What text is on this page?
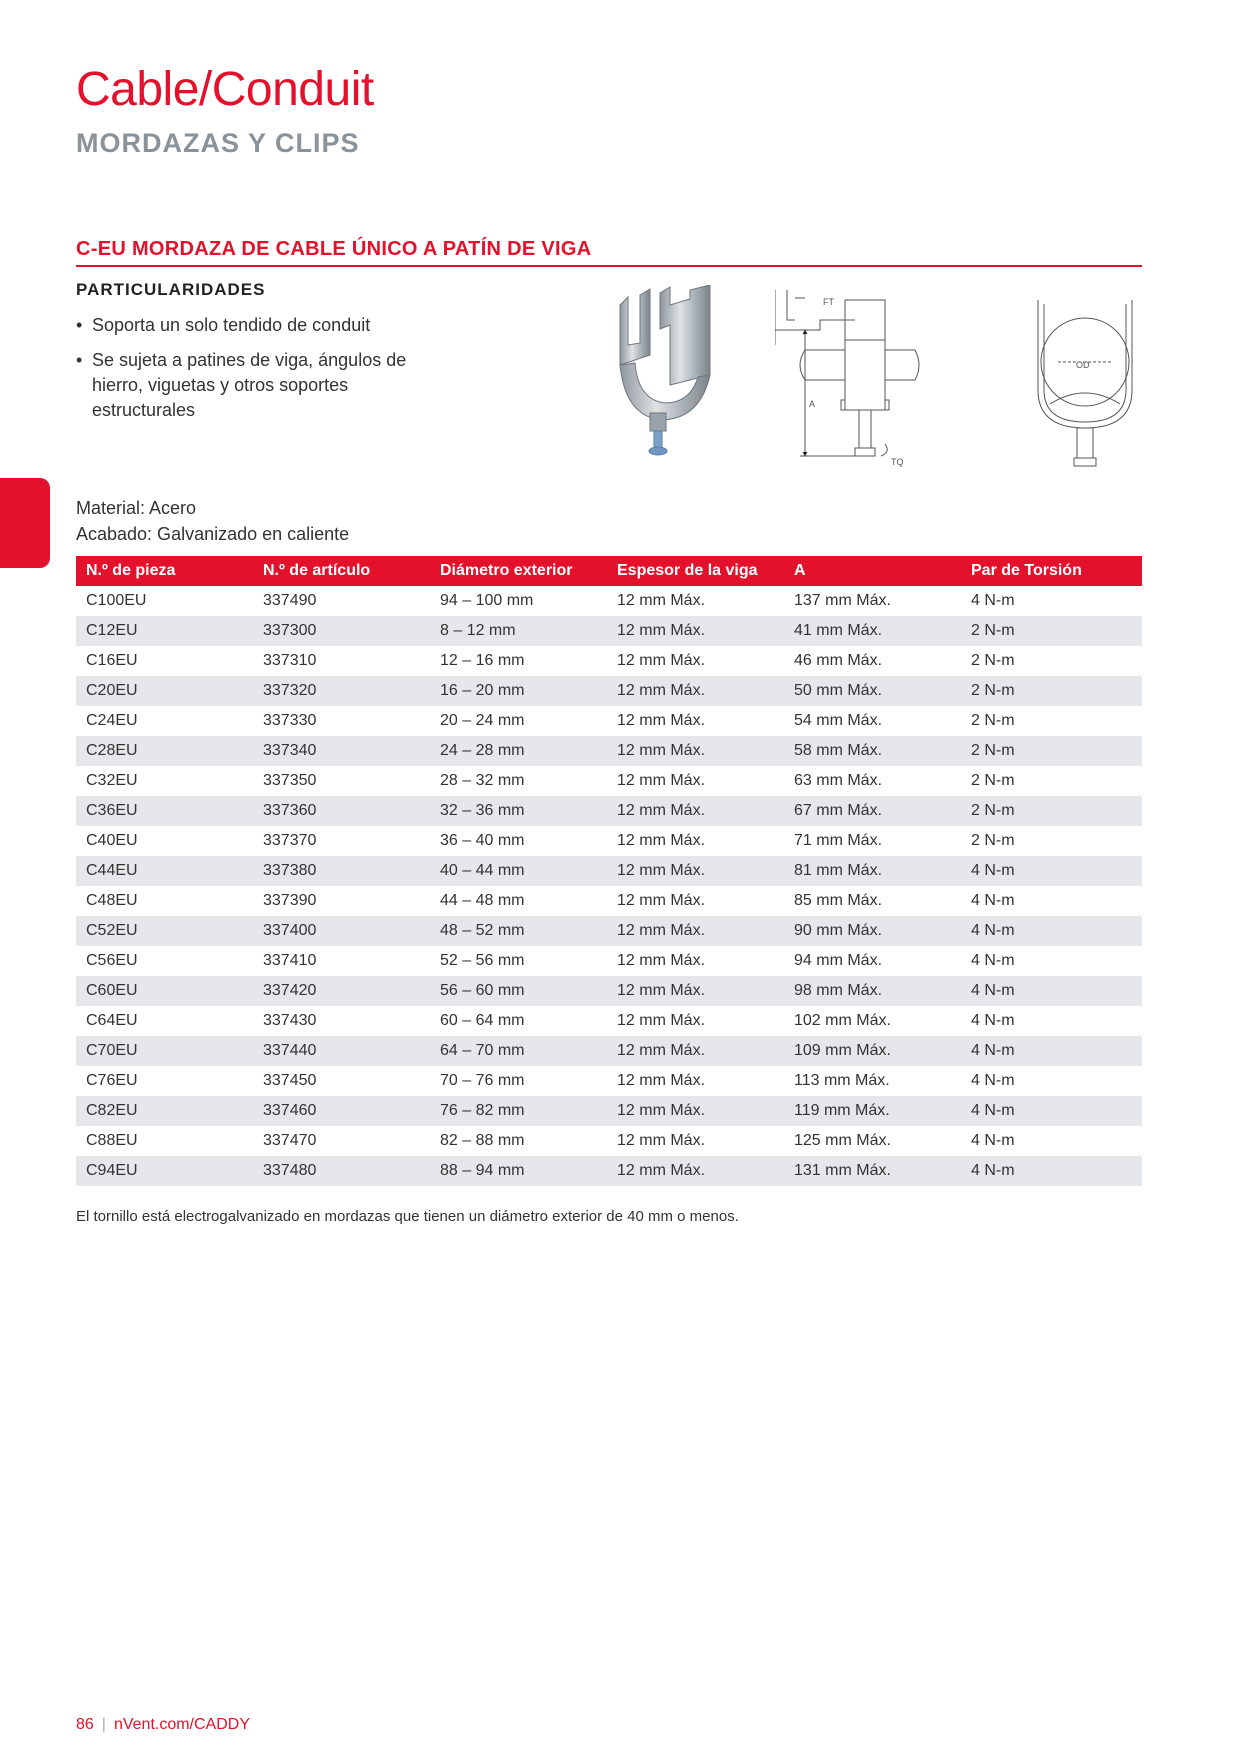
Cable/Conduit
MORDAZAS Y CLIPS
C-EU MORDAZA DE CABLE ÚNICO A PATÍN DE VIGA
PARTICULARIDADES
• Soporta un solo tendido de conduit
• Se sujeta a patines de viga, ángulos de hierro, viguetas y otros soportes estructurales
FT
A
TQ
OD
Material: Acero
Acabado: Galvanizado en caliente
N.º de pieza	N.º de artículo	Diámetro exterior	Espesor de la viga	A	Par de Torsión
C100EU	337490	94 – 100 mm	12 mm Máx.	137 mm Máx.	4 N-m
C12EU	337300	8 – 12 mm	12 mm Máx.	41 mm Máx.	2 N-m
C16EU	337310	12 – 16 mm	12 mm Máx.	46 mm Máx.	2 N-m
C20EU	337320	16 – 20 mm	12 mm Máx.	50 mm Máx.	2 N-m
C24EU	337330	20 – 24 mm	12 mm Máx.	54 mm Máx.	2 N-m
C28EU	337340	24 – 28 mm	12 mm Máx.	58 mm Máx.	2 N-m
C32EU	337350	28 – 32 mm	12 mm Máx.	63 mm Máx.	2 N-m
C36EU	337360	32 – 36 mm	12 mm Máx.	67 mm Máx.	2 N-m
C40EU	337370	36 – 40 mm	12 mm Máx.	71 mm Máx.	2 N-m
C44EU	337380	40 – 44 mm	12 mm Máx.	81 mm Máx.	4 N-m
C48EU	337390	44 – 48 mm	12 mm Máx.	85 mm Máx.	4 N-m
C52EU	337400	48 – 52 mm	12 mm Máx.	90 mm Máx.	4 N-m
C56EU	337410	52 – 56 mm	12 mm Máx.	94 mm Máx.	4 N-m
C60EU	337420	56 – 60 mm	12 mm Máx.	98 mm Máx.	4 N-m
C64EU	337430	60 – 64 mm	12 mm Máx.	102 mm Máx.	4 N-m
C70EU	337440	64 – 70 mm	12 mm Máx.	109 mm Máx.	4 N-m
C76EU	337450	70 – 76 mm	12 mm Máx.	113 mm Máx.	4 N-m
C82EU	337460	76 – 82 mm	12 mm Máx.	119 mm Máx.	4 N-m
C88EU	337470	82 – 88 mm	12 mm Máx.	125 mm Máx.	4 N-m
C94EU	337480	88 – 94 mm	12 mm Máx.	131 mm Máx.	4 N-m
El tornillo está electrogalvanizado en mordazas que tienen un diámetro exterior de 40 mm o menos.
86 | nVent.com/CADDY
